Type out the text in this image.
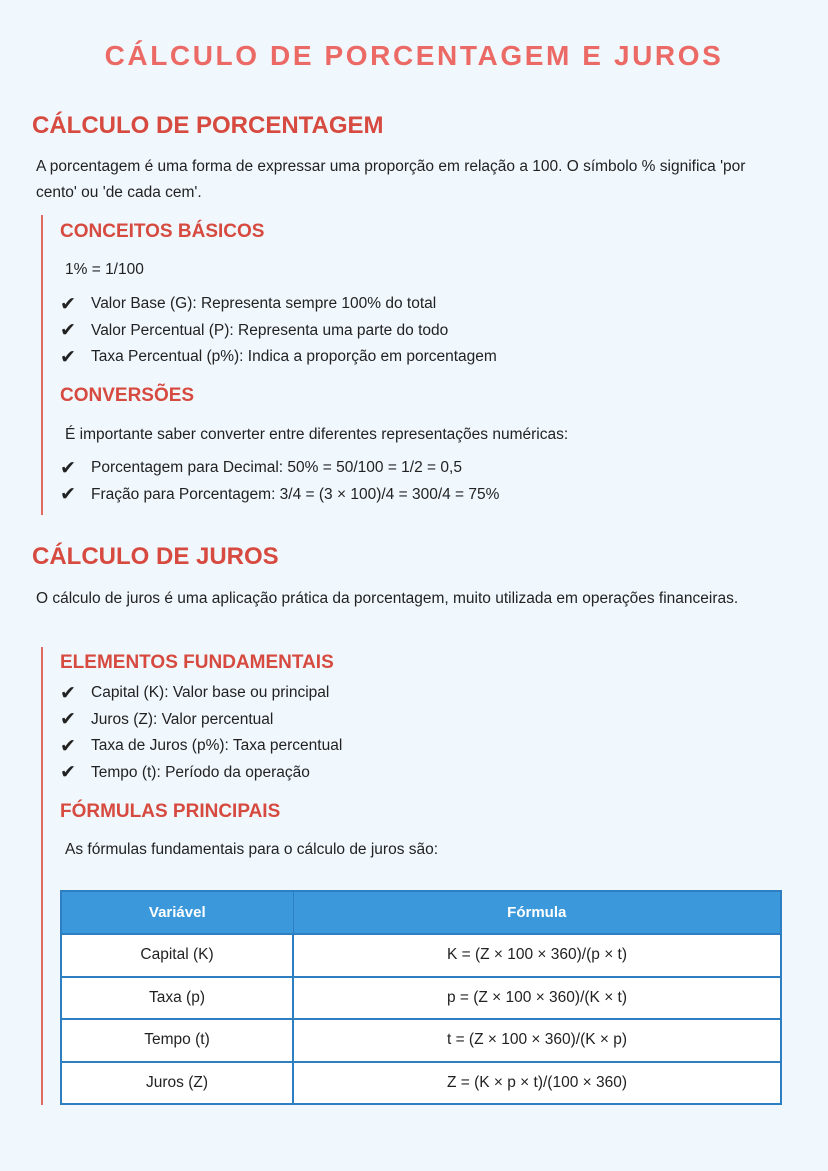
CÁLCULO DE PORCENTAGEM E JUROS
CÁLCULO DE PORCENTAGEM

A porcentagem é uma forma de expressar uma proporção em relação a 100. O símbolo % significa 'por cento' ou 'de cada cem'.

CONCEITOS BÁSICOS

1% = 1/100

✔ Valor Base (G): Representa sempre 100% do total
✔ Valor Percentual (P): Representa uma parte do todo
✔ Taxa Percentual (p%): Indica a proporção em porcentagem
CONVERSÕES

É importante saber converter entre diferentes representações numéricas:

✔ Porcentagem para Decimal: 50% = 50/100 = 1/2 = 0,5
✔ Fração para Porcentagem: 3/4 = (3 × 100)/4 = 300/4 = 75%
CÁLCULO DE JUROS

O cálculo de juros é uma aplicação prática da porcentagem, muito utilizada em operações financeiras.

ELEMENTOS FUNDAMENTAIS
✔ Capital (K): Valor base ou principal
✔ Juros (Z): Valor percentual
✔ Taxa de Juros (p%): Taxa percentual
✔ Tempo (t): Período da operação
FÓRMULAS PRINCIPAIS

As fórmulas fundamentais para o cálculo de juros são:

Variável	Fórmula
Capital (K)	K = (Z × 100 × 360)/(p × t)
Taxa (p)	p = (Z × 100 × 360)/(K × t)
Tempo (t)	t = (Z × 100 × 360)/(K × p)
Juros (Z)	Z = (K × p × t)/(100 × 360)
